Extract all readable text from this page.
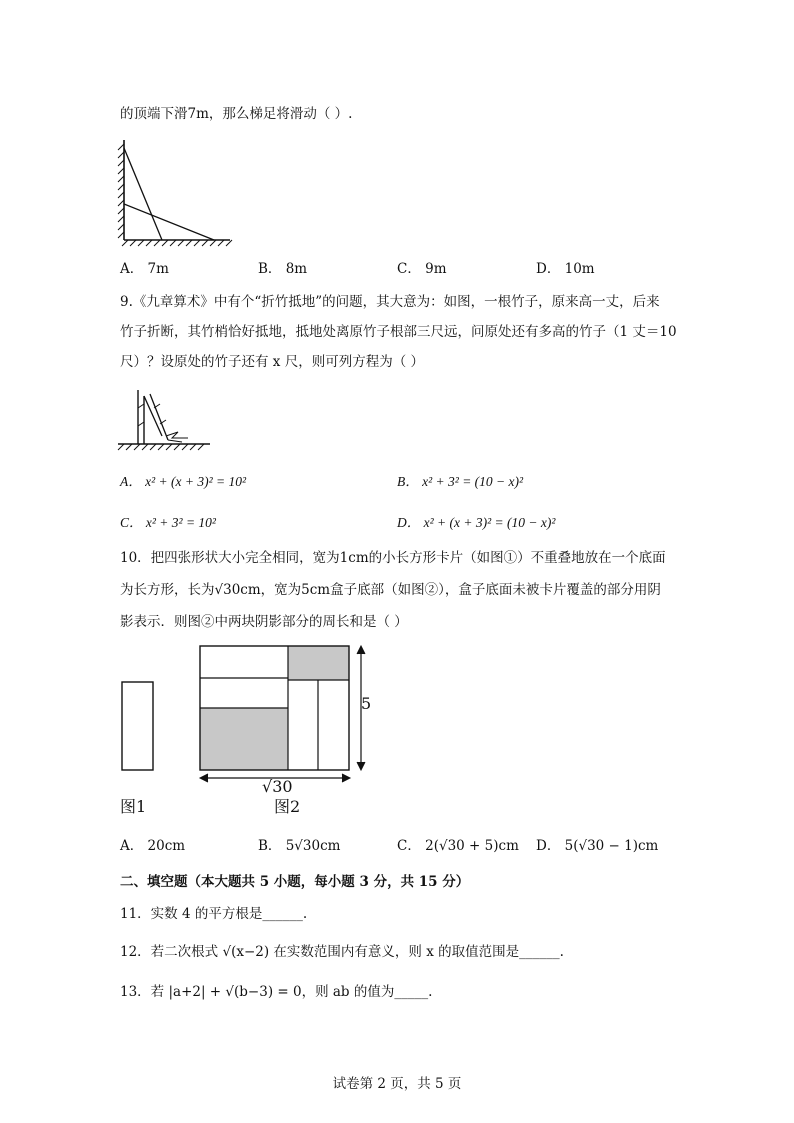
的顶端下滑7m，那么梯足将滑动（ ）.
A． 7m	B． 8m	C． 9m	D． 10m
9.《九章算术》中有个“折竹抵地”的问题，其大意为：如图，一根竹子，原来高一丈，后来
竹子折断，其竹梢恰好抵地，抵地处离原竹子根部三尺远，问原处还有多高的竹子（1 丈＝10
尺）？设原处的竹子还有 x 尺，则可列方程为（ ）
A． x² + (x + 3)² = 10²	B． x² + 3² = (10 − x)²
C． x² + 3² = 10²	D． x² + (x + 3)² = (10 − x)²
10．把四张形状大小完全相同，宽为1cm的小长方形卡片（如图①）不重叠地放在一个底面
为长方形，长为√30cm，宽为5cm盒子底部（如图②），盒子底面未被卡片覆盖的部分用阴
影表示．则图②中两块阴影部分的周长和是（ ）
5
√30
图1	图2
A． 20cm	B． 5√30cm	C． 2(√30 + 5)cm D． 5(√30 − 1)cm
二、填空题（本大题共 5 小题，每小题 3 分，共 15 分）
11．实数 4 的平方根是______.
12．若二次根式 √(x−2) 在实数范围内有意义，则 x 的取值范围是______.
13．若 |a+2| + √(b−3) = 0，则 ab 的值为_____.
试卷第 2 页，共 5 页
